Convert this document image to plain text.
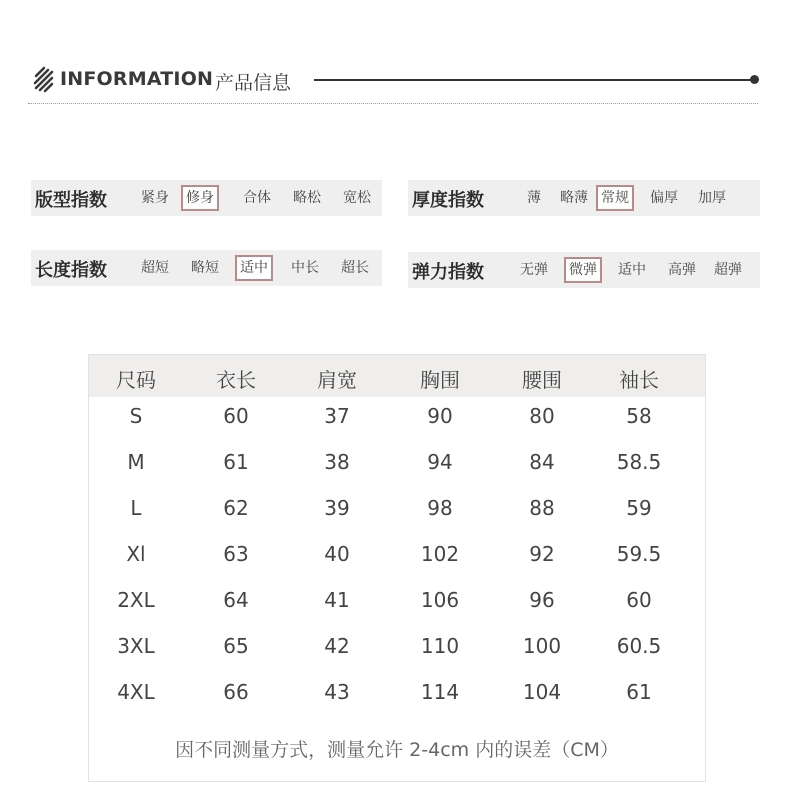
INFORMATION 产品信息
版型指数	紧身	修身	合体	略松	宽松	厚度指数	薄	略薄 常规	偏厚	加厚
长度指数	超短	略短	适中	中长	超长	弹力指数	无弹	微弹	适中	高弹	超弹
尺码	衣长	肩宽	胸围	腰围	袖长
S	60	37	90	80	58
M	61	38	94	84	58.5
L	62	39	98	88	59
Xl	63	40	102	92	59.5
2XL	64	41	106	96	60
3XL	65	42	110	100	60.5
4XL	66	43	114	104	61
因不同测量方式，测量允许 2-4cm 内的误差（CM）
